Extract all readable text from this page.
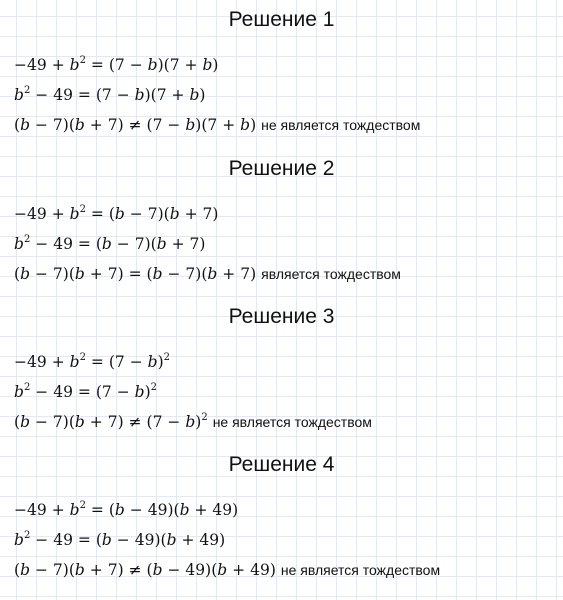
Решение 1
$-49 + b^2 = (7 - b)(7 + b)$
$b^2 - 49 = (7 - b)(7 + b)$
(b − 7)(b + 7) ≠ (7 − b)(7 + b) не является тождеством
Решение 2
$-49 + b^2 = (b - 7)(b + 7)$
$b^2 - 49 = (b - 7)(b + 7)$
(b − 7)(b + 7) = (b − 7)(b + 7) является тождеством
Решение 3
$-49 + b^2 = (7 - b)^2$
$b^2 - 49 = (7 - b)^2$
$(b - 7)(b + 7) \ne (7 - b)^2$ не является тождеством
Решение 4
$-49 + b^2 = (b - 49)(b + 49)$
$b^2 - 49 = (b - 49)(b + 49)$
(b − 7)(b + 7) ≠ (b − 49)(b + 49) не является тождеством
